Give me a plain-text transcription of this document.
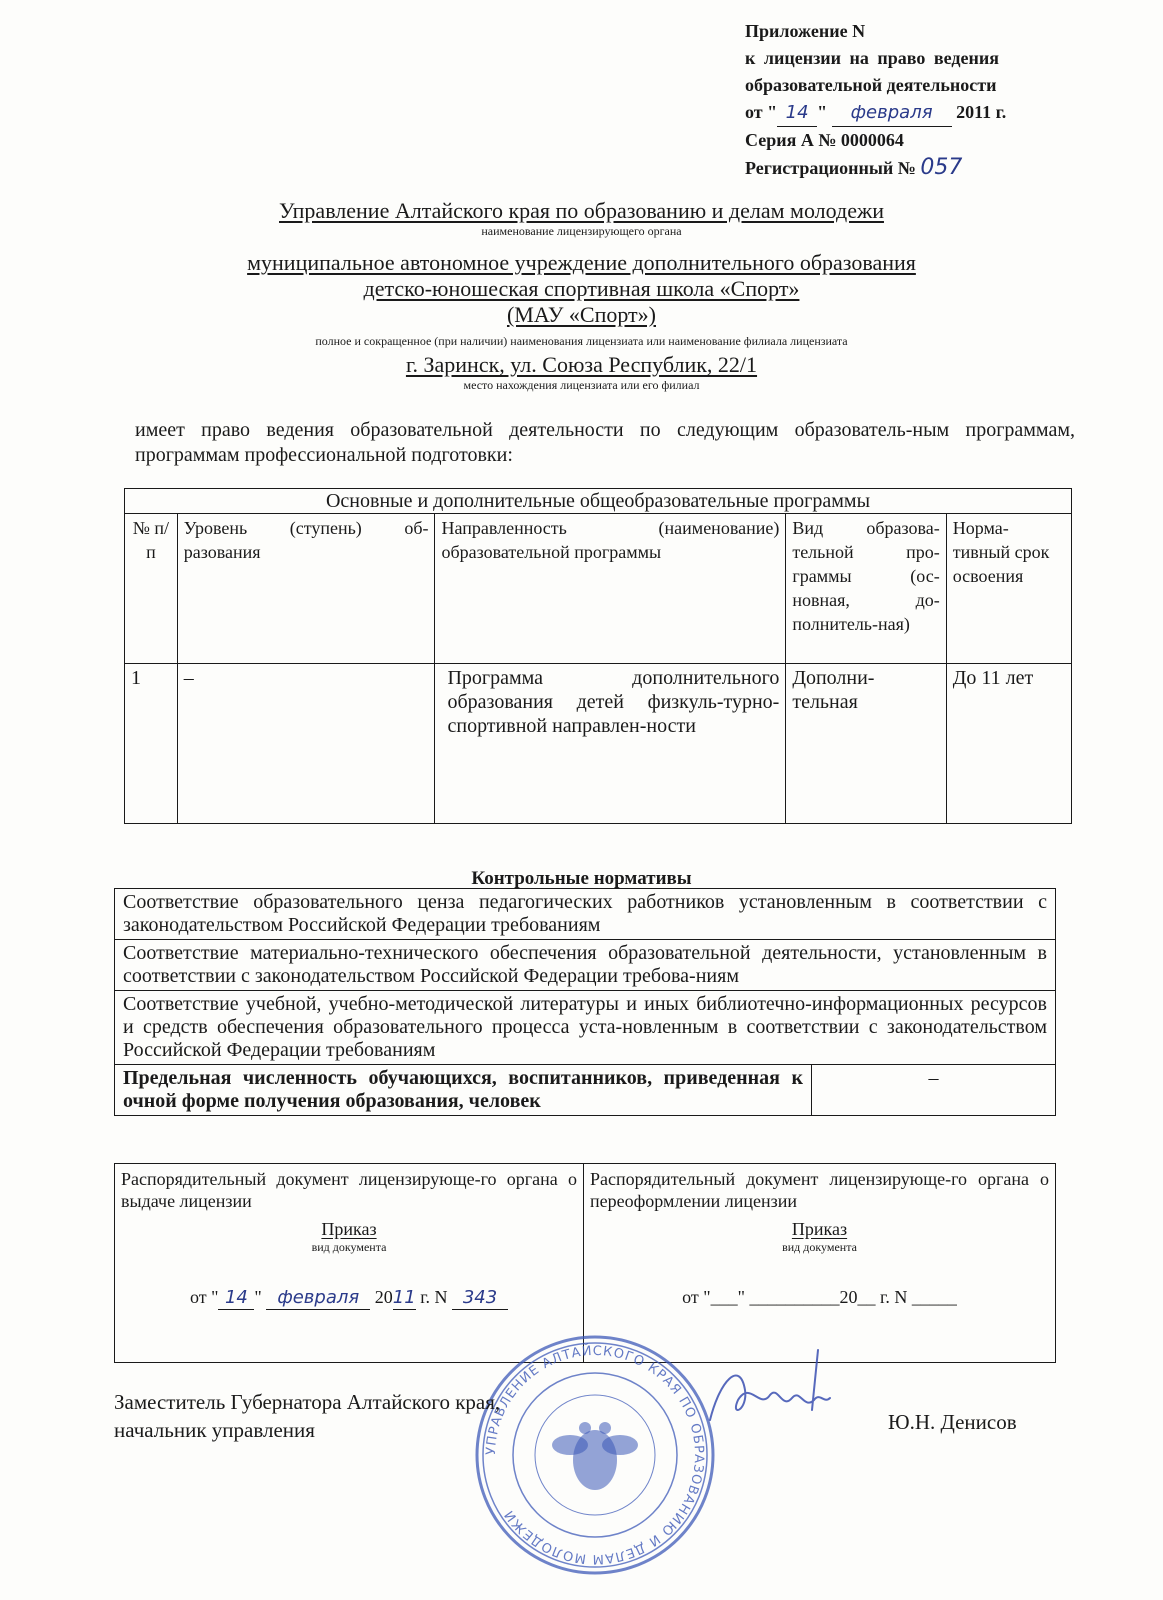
Приложение N
к лицензии на право ведения
образовательной деятельности
от " 14 " февраля 2011 г.
Серия А № 0000064
Регистрационный № 057
Управление Алтайского края по образованию и делам молодежи
наименование лицензирующего органа
муниципальное автономное учреждение дополнительного образования
детско-юношеская спортивная школа «Спорт»
(МАУ «Спорт»)
полное и сокращенное (при наличии) наименования лицензиата или наименование филиала лицензиата
г. Заринск, ул. Союза Республик, 22/1
место нахождения лицензиата или его филиал
имеет право ведения образовательной деятельности по следующим образователь-ным программам, программам профессиональной подготовки:
Основные и дополнительные общеобразовательные программы				
№ п/п	Уровень (ступень) об-разования	Направленность (наименование) образовательной программы	Вид образова-тельной про-граммы (ос-новная, до-полнитель-ная)	Норма-тивный срок освоения
1	–	Программа дополнительного образования детей физкуль-турно-спортивной направлен-ности	Дополни-тельная	До 11 лет
Контрольные нормативы
Соответствие образовательного ценза педагогических работников установленным в соответствии с законодательством Российской Федерации требованиям
Соответствие материально-технического обеспечения образовательной деятельности, установленным в соответствии с законодательством Российской Федерации требова-ниям
Соответствие учебной, учебно-методической литературы и иных библиотечно-информационных ресурсов и средств обеспечения образовательного процесса уста-новленным в соответствии с законодательством Российской Федерации требованиям
Предельная численность обучающихся, воспитанников, приведенная к очной форме получения образования, человек	–
Распорядительный документ лицензирующе-го органа о выдаче лицензии
Приказ
вид документа
от " 14 " февраля 2011 г. N 343

Распорядительный документ лицензирующе-го органа о переоформлении лицензии
Приказ
вид документа
от "___" __________20__ г. N _____
УПРАВЛЕНИЕ АЛТАЙСКОГО КРАЯ ПО ОБРАЗОВАНИЮ И ДЕЛАМ МОЛОДЕЖИ
Заместитель Губернатора Алтайского края,
начальник управления	Ю.Н. Денисов
